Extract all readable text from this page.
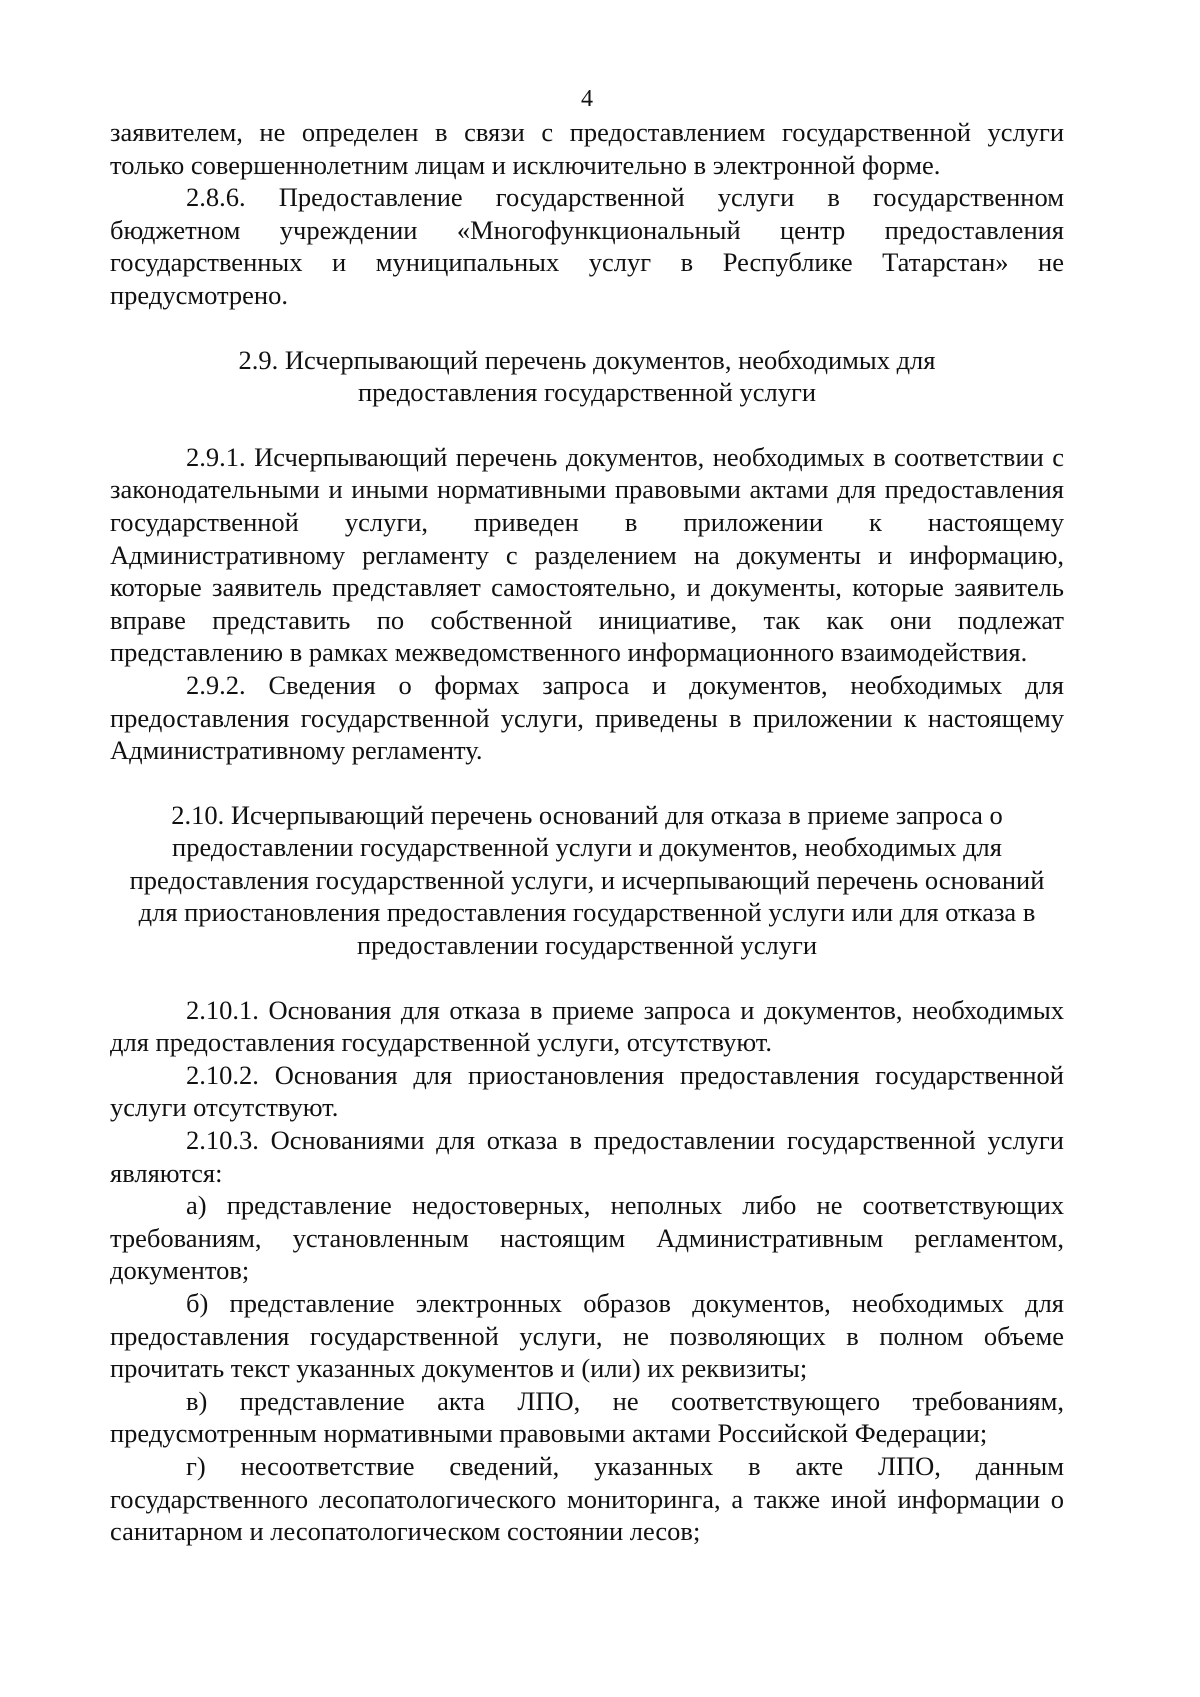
4

заявителем, не определен в связи с предоставлением государственной услуги только совершеннолетним лицам и исключительно в электронной форме.

2.8.6. Предоставление государственной услуги в государственном бюджетном учреждении «Многофункциональный центр предоставления государственных и муниципальных услуг в Республике Татарстан» не предусмотрено.

2.9. Исчерпывающий перечень документов, необходимых для предоставления государственной услуги

2.9.1. Исчерпывающий перечень документов, необходимых в соответствии с законодательными и иными нормативными правовыми актами для предоставления государственной услуги, приведен в приложении к настоящему Административному регламенту с разделением на документы и информацию, которые заявитель представляет самостоятельно, и документы, которые заявитель вправе представить по собственной инициативе, так как они подлежат представлению в рамках межведомственного информационного взаимодействия.

2.9.2. Сведения о формах запроса и документов, необходимых для предоставления государственной услуги, приведены в приложении к настоящему Административному регламенту.

2.10. Исчерпывающий перечень оснований для отказа в приеме запроса о предоставлении государственной услуги и документов, необходимых для предоставления государственной услуги, и исчерпывающий перечень оснований для приостановления предоставления государственной услуги или для отказа в предоставлении государственной услуги

2.10.1. Основания для отказа в приеме запроса и документов, необходимых для предоставления государственной услуги, отсутствуют.

2.10.2. Основания для приостановления предоставления государственной услуги отсутствуют.

2.10.3. Основаниями для отказа в предоставлении государственной услуги являются:

а) представление недостоверных, неполных либо не соответствующих требованиям, установленным настоящим Административным регламентом, документов;

б) представление электронных образов документов, необходимых для предоставления государственной услуги, не позволяющих в полном объеме прочитать текст указанных документов и (или) их реквизиты;

в) представление акта ЛПО, не соответствующего требованиям, предусмотренным нормативными правовыми актами Российской Федерации;

г) несоответствие сведений, указанных в акте ЛПО, данным государственного лесопатологического мониторинга, а также иной информации о санитарном и лесопатологическом состоянии лесов;
